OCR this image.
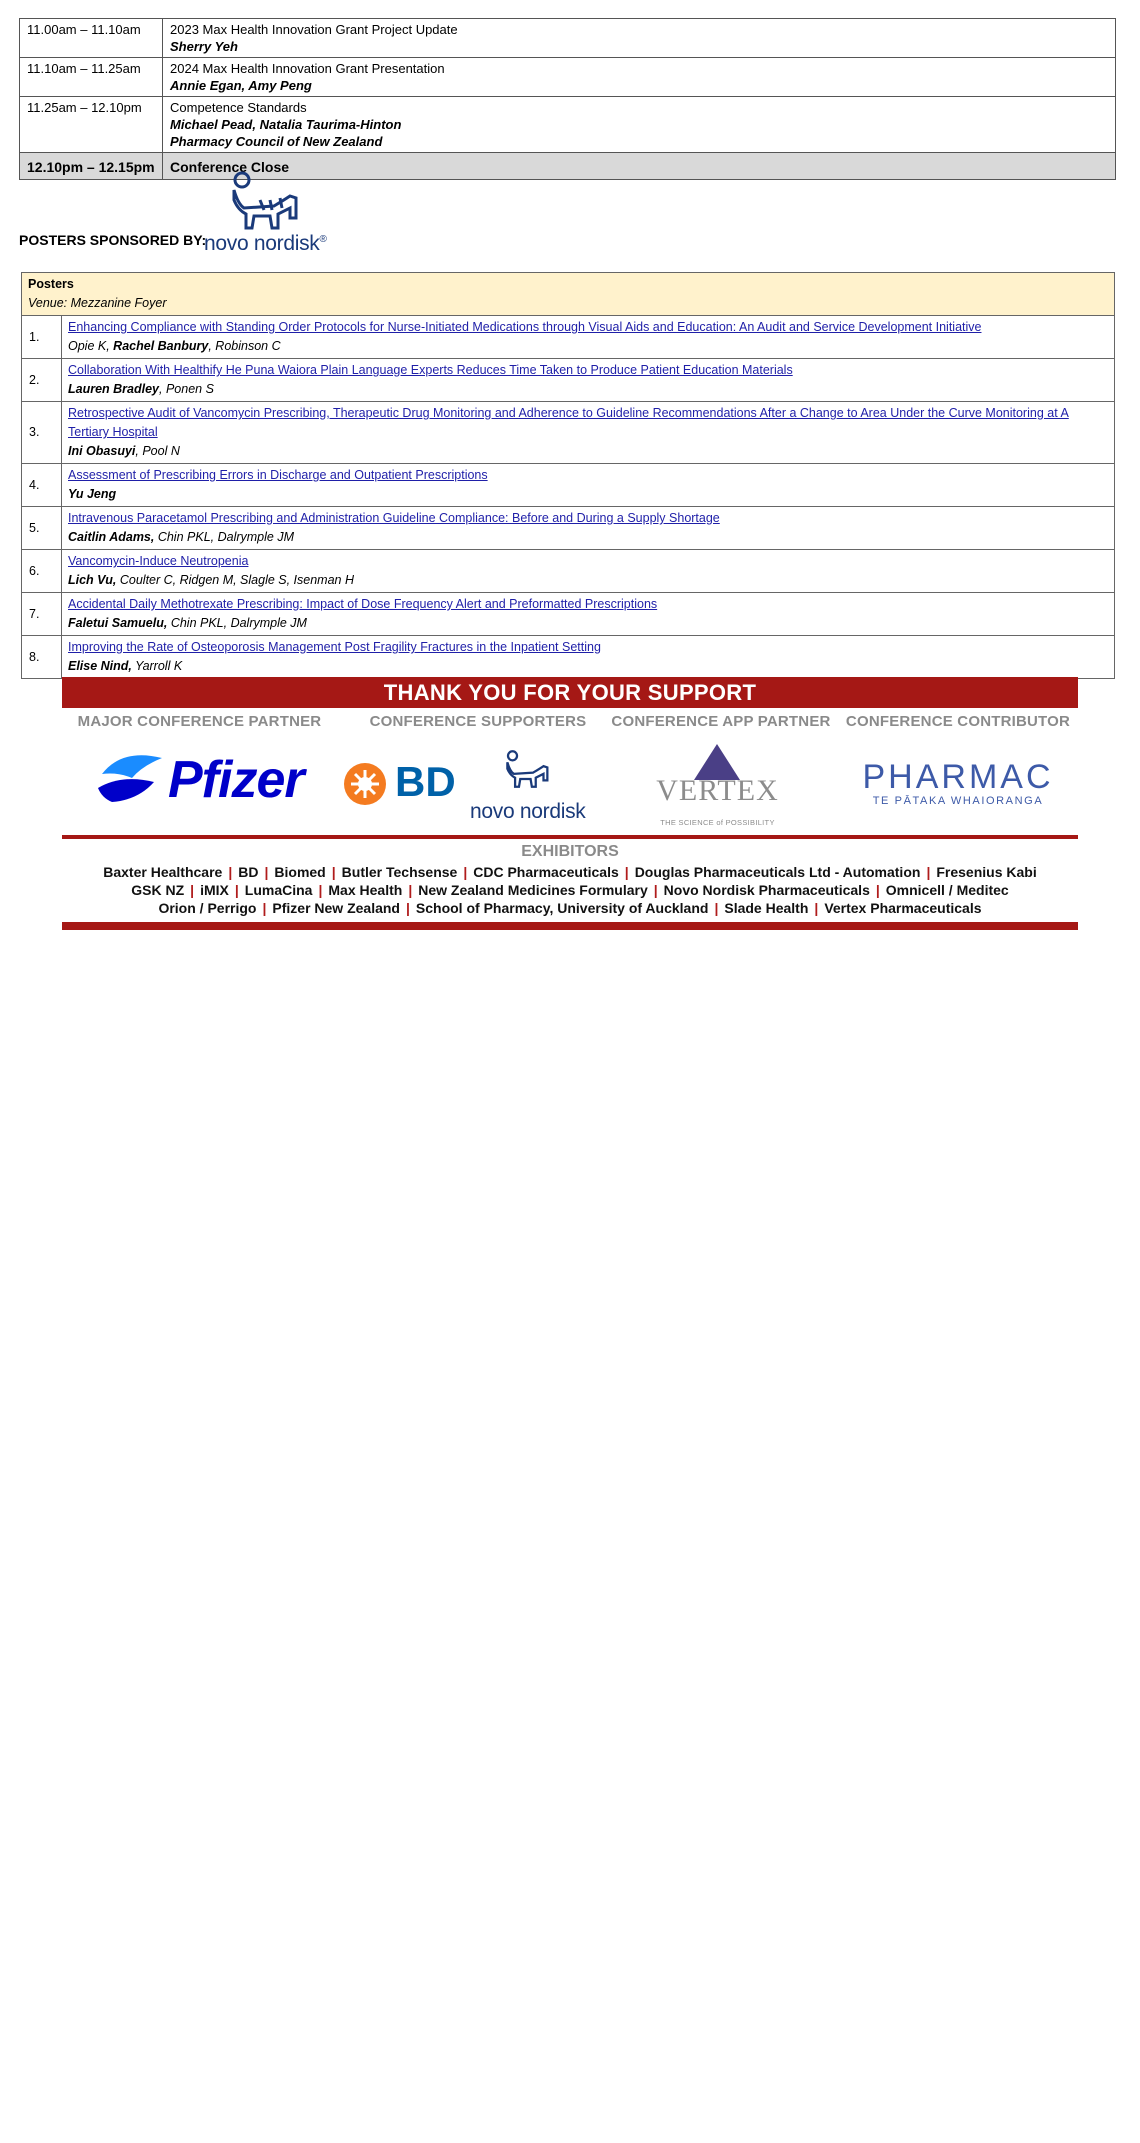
11.00am – 11.10am	2023 Max Health Innovation Grant Project Update
Sherry Yeh

11.10am – 11.25am	2024 Max Health Innovation Grant Presentation
Annie Egan, Amy Peng

11.25am – 12.10pm	Competence Standards
Michael Pead, Natalia Taurima-Hinton
Pharmacy Council of New Zealand

12.10pm – 12.15pm	Conference Close
POSTERS SPONSORED BY:
novo nordisk®
Posters
Venue: Mezzanine Foyer	

1.	Enhancing Compliance with Standing Order Protocols for Nurse-Initiated Medications through Visual Aids and Education: An Audit and Service Development Initiative
Opie K, Rachel Banbury, Robinson C

2.	Collaboration With Healthify He Puna Waiora Plain Language Experts Reduces Time Taken to Produce Patient Education Materials
Lauren Bradley, Ponen S

3.	Retrospective Audit of Vancomycin Prescribing, Therapeutic Drug Monitoring and Adherence to Guideline Recommendations After a Change to Area Under the Curve Monitoring at A Tertiary Hospital
Ini Obasuyi, Pool N

4.	Assessment of Prescribing Errors in Discharge and Outpatient Prescriptions
Yu Jeng

5.	Intravenous Paracetamol Prescribing and Administration Guideline Compliance: Before and During a Supply Shortage
Caitlin Adams, Chin PKL, Dalrymple JM

6.	Vancomycin-Induce Neutropenia
Lich Vu, Coulter C, Ridgen M, Slagle S, Isenman H

7.	Accidental Daily Methotrexate Prescribing: Impact of Dose Frequency Alert and Preformatted Prescriptions
Faletui Samuelu, Chin PKL, Dalrymple JM

8.	Improving the Rate of Osteoporosis Management Post Fragility Fractures in the Inpatient Setting
Elise Nind, Yarroll K
THANK YOU FOR YOUR SUPPORT
MAJOR CONFERENCE PARTNER	CONFERENCE SUPPORTERS	CONFERENCE APP PARTNER	CONFERENCE CONTRIBUTOR
Pfizer BD
novo nordisk
VERTEX
THE SCIENCE of POSSIBILITY
PHARMAC
TE PĀTAKA WHAIORANGA
EXHIBITORS
Baxter Healthcare | BD | Biomed | Butler Techsense | CDC Pharmaceuticals | Douglas Pharmaceuticals Ltd - Automation | Fresenius Kabi
GSK NZ | iMIX | LumaCina | Max Health | New Zealand Medicines Formulary | Novo Nordisk Pharmaceuticals | Omnicell / Meditec
Orion / Perrigo | Pfizer New Zealand | School of Pharmacy, University of Auckland | Slade Health | Vertex Pharmaceuticals
